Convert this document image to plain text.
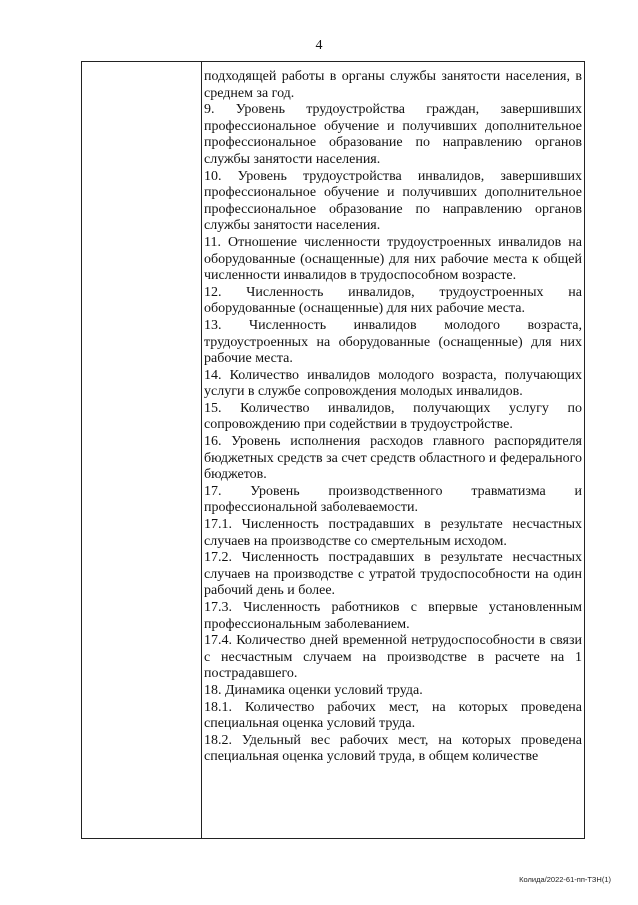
4

подходящей работы в органы службы занятости населения, в среднем за год.

9. Уровень трудоустройства граждан, завершивших профессиональное обучение и получивших дополнительное профессиональное образование по направлению органов службы занятости населения.

10. Уровень трудоустройства инвалидов, завершивших профессиональное обучение и получивших дополнительное профессиональное образование по направлению органов службы занятости населения.

11. Отношение численности трудоустроенных инвалидов на оборудованные (оснащенные) для них рабочие места к общей численности инвалидов в трудоспособном возрасте.

12. Численность инвалидов, трудоустроенных на оборудованные (оснащенные) для них рабочие места.

13. Численность инвалидов молодого возраста, трудоустроенных на оборудованные (оснащенные) для них рабочие места.

14. Количество инвалидов молодого возраста, получающих услуги в службе сопровождения молодых инвалидов.

15. Количество инвалидов, получающих услугу по сопровождению при содействии в трудоустройстве.

16. Уровень исполнения расходов главного распорядителя бюджетных средств за счет средств областного и федерального бюджетов.

17. Уровень производственного травматизма и профессиональной заболеваемости.

17.1. Численность пострадавших в результате несчастных случаев на производстве со смертельным исходом.

17.2. Численность пострадавших в результате несчастных случаев на производстве с утратой трудоспособности на один рабочий день и более.

17.3. Численность работников с впервые установленным профессиональным заболеванием.

17.4. Количество дней временной нетрудоспособности в связи с несчастным случаем на производстве в расчете на 1 пострадавшего.

18. Динамика оценки условий труда.

18.1. Количество рабочих мест, на которых проведена специальная оценка условий труда.

18.2. Удельный вес рабочих мест, на которых проведена специальная оценка условий труда, в общем количестве

Колида/2022-61-пп-ТЗН(1)
